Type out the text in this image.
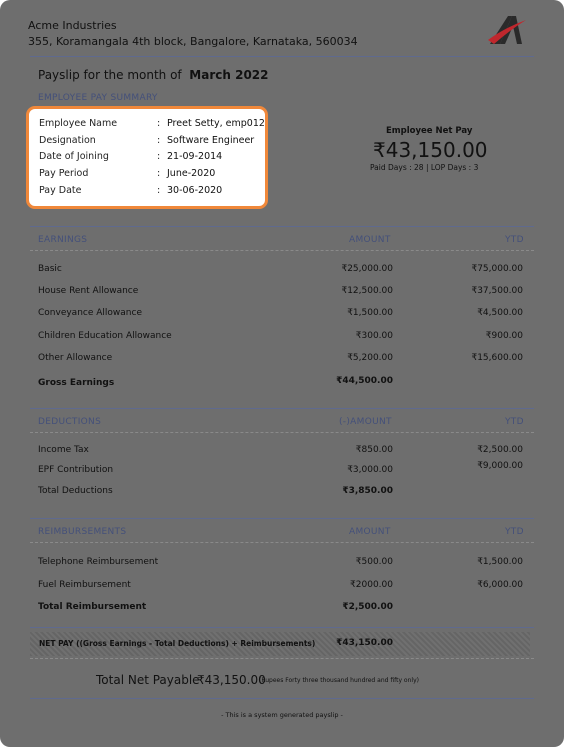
Acme Industries
355, Koramangala 4th block, Bangalore, Karnataka, 560034
Payslip for the month of March 2022
EMPLOYEE PAY SUMMARY
Employee Name	: Preet Setty, emp012
Designation	: Software Engineer
Date of Joining	: 21-09-2014
Pay Period	: June-2020
Pay Date	: 30-06-2020
Employee Net Pay
₹43,150.00
Paid Days : 28 | LOP Days : 3
EARNINGS	AMOUNT	YTD
Basic	₹25,000.00	₹75,000.00
House Rent Allowance	₹12,500.00	₹37,500.00
Conveyance Allowance	₹1,500.00	₹4,500.00
Children Education Allowance	₹300.00	₹900.00
Other Allowance	₹5,200.00	₹15,600.00
Gross Earnings	₹44,500.00
DEDUCTIONS	(-)AMOUNT	YTD
Income Tax	₹850.00	₹2,500.00
EPF Contribution	₹3,000.00	₹9,000.00
Total Deductions	₹3,850.00
REIMBURSEMENTS	AMOUNT	YTD
Telephone Reimbursement	₹500.00	₹1,500.00
Fuel Reimbursement	₹2000.00	₹6,000.00
Total Reimbursement	₹2,500.00
NET PAY ((Gross Earnings - Total Deductions) + Reimbursements)	₹43,150.00
Total Net Payable
₹43,150.00
(Rupees Forty three thousand hundred and fifty only)
- This is a system generated payslip -
